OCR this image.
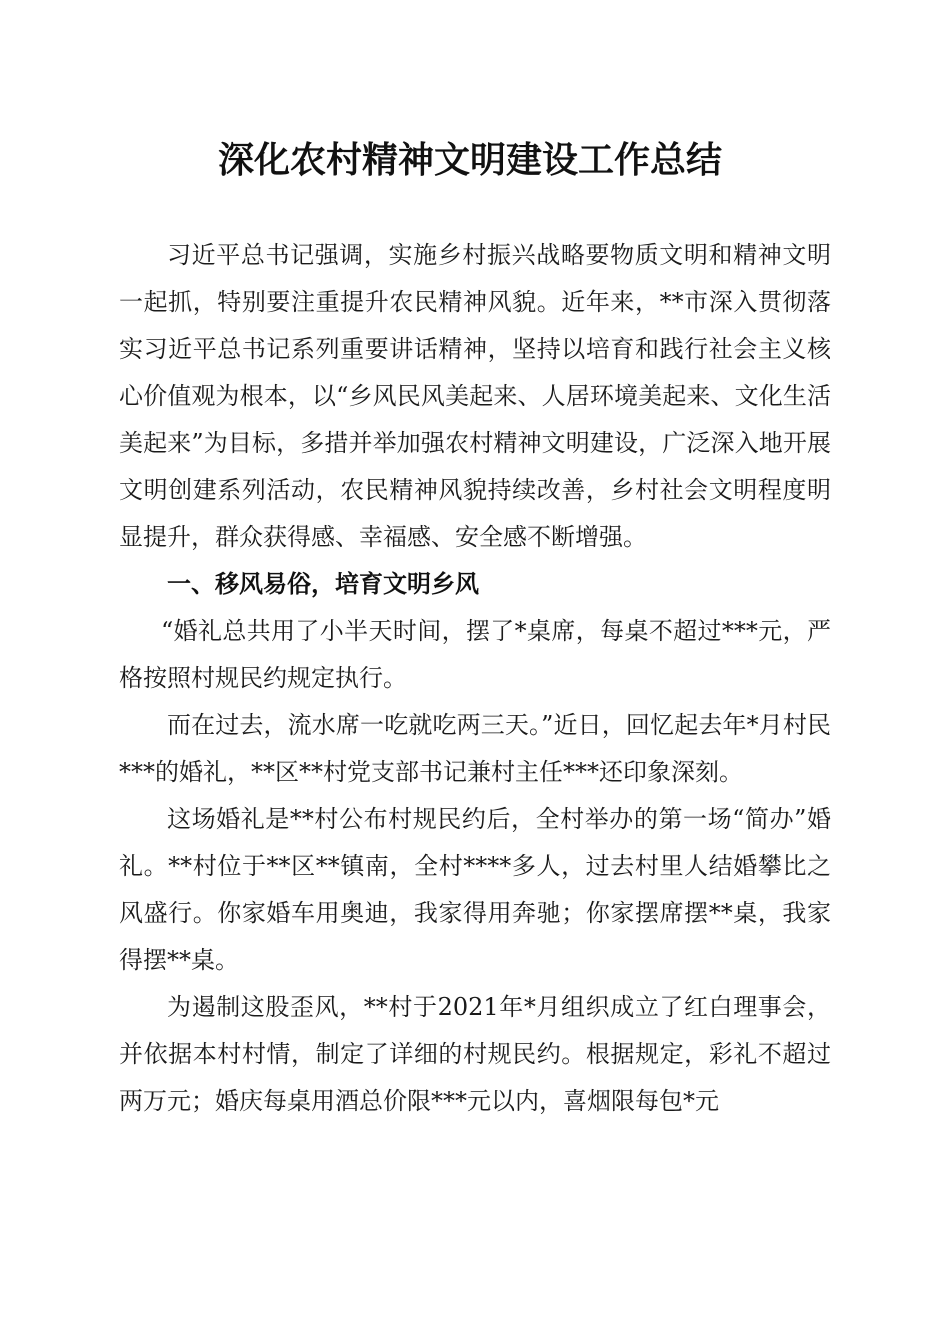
深化农村精神文明建设工作总结

习近平总书记强调，实施乡村振兴战略要物质文明和精神文明一起抓，特别要注重提升农民精神风貌。近年来，**市深入贯彻落实习近平总书记系列重要讲话精神，坚持以培育和践行社会主义核心价值观为根本，以“乡风民风美起来、人居环境美起来、文化生活美起来”为目标，多措并举加强农村精神文明建设，广泛深入地开展文明创建系列活动，农民精神风貌持续改善，乡村社会文明程度明显提升，群众获得感、幸福感、安全感不断增强。

一、移风易俗，培育文明乡风

“婚礼总共用了小半天时间，摆了*桌席，每桌不超过***元，严格按照村规民约规定执行。

而在过去，流水席一吃就吃两三天。”近日，回忆起去年*月村民***的婚礼，**区**村党支部书记兼村主任***还印象深刻。

这场婚礼是**村公布村规民约后，全村举办的第一场“简办”婚礼。**村位于**区**镇南，全村****多人，过去村里人结婚攀比之风盛行。你家婚车用奥迪，我家得用奔驰；你家摆席摆**桌，我家得摆**桌。

为遏制这股歪风，**村于2021年*月组织成立了红白理事会，并依据本村村情，制定了详细的村规民约。根据规定，彩礼不超过两万元；婚庆每桌用酒总价限***元以内，喜烟限每包*元
